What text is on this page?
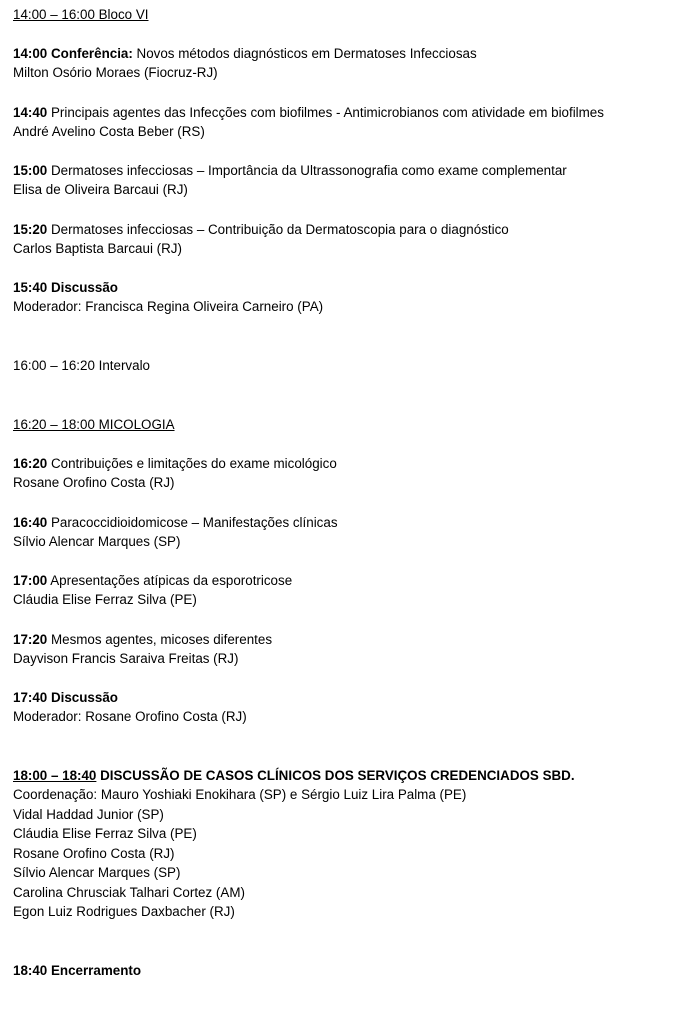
14:00 – 16:00 Bloco VI
14:00 Conferência: Novos métodos diagnósticos em Dermatoses Infecciosas
Milton Osório Moraes (Fiocruz-RJ)
14:40 Principais agentes das Infecções com biofilmes - Antimicrobianos com atividade em biofilmes
André Avelino Costa Beber (RS)
15:00 Dermatoses infecciosas – Importância da Ultrassonografia como exame complementar
Elisa de Oliveira Barcaui (RJ)
15:20 Dermatoses infecciosas – Contribuição da Dermatoscopia para o diagnóstico
Carlos Baptista Barcaui (RJ)
15:40 Discussão
Moderador: Francisca Regina Oliveira Carneiro (PA)
16:00 – 16:20 Intervalo
16:20 – 18:00 MICOLOGIA
16:20 Contribuições e limitações do exame micológico
Rosane Orofino Costa (RJ)
16:40 Paracoccidioidomicose – Manifestações clínicas
Sílvio Alencar Marques (SP)
17:00 Apresentações atípicas da esporotricose
Cláudia Elise Ferraz Silva (PE)
17:20 Mesmos agentes, micoses diferentes
Dayvison Francis Saraiva Freitas (RJ)
17:40 Discussão
Moderador: Rosane Orofino Costa (RJ)
18:00 – 18:40 DISCUSSÃO DE CASOS CLÍNICOS DOS SERVIÇOS CREDENCIADOS SBD.
Coordenação: Mauro Yoshiaki Enokihara (SP) e Sérgio Luiz Lira Palma (PE)
Vidal Haddad Junior (SP)
Cláudia Elise Ferraz Silva (PE)
Rosane Orofino Costa (RJ)
Sílvio Alencar Marques (SP)
Carolina Chrusciak Talhari Cortez (AM)
Egon Luiz Rodrigues Daxbacher (RJ)
18:40 Encerramento
